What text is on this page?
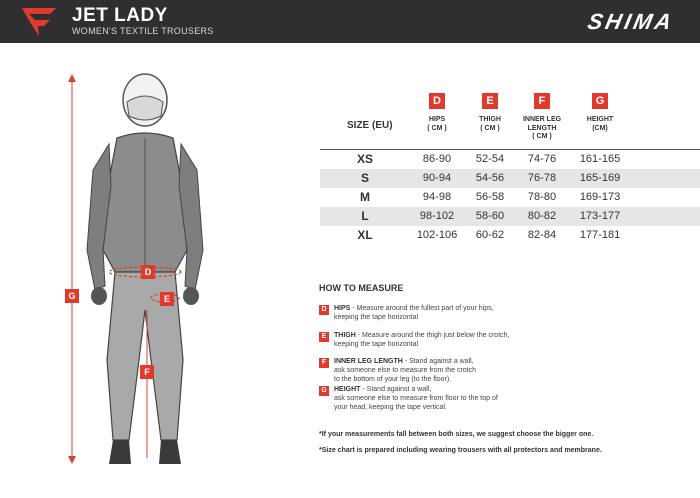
JET LADY
WOMEN'S TEXTILE TROUSERS	SHIMA
G
D
E
F
SIZE (EU)
D	E	F	G
HIPS
( CM )
THIGH
( CM )
INNER LEG
LENGTH
( CM )
HEIGHT
(CM)
XS	86-90	52-54	74-76	161-165
S	90-94	54-56	76-78	165-169
M	94-98	56-58	78-80	169-173
L	98-102	58-60	80-82	173-177
XL	102-106	60-62	82-84	177-181
HOW TO MEASURE
D	HIPS - Measure around the fullest part of your hips,
keeping the tape horizontal
E	THIGH - Measure around the thigh just below the crotch,
keeping the tape horizontal
F	INNER LEG LENGTH - Stand against a wall,
ask someone else to measure from the crotch
to the bottom of your leg (to the floor).
G	HEIGHT - Stand against a wall,
ask someone else to measure from floor to the top of
your head, keeping the tape vertical.
*If your measurements fall between both sizes, we suggest choose the bigger one.
*Size chart is prepared including wearing trousers with all protectors and membrane.
